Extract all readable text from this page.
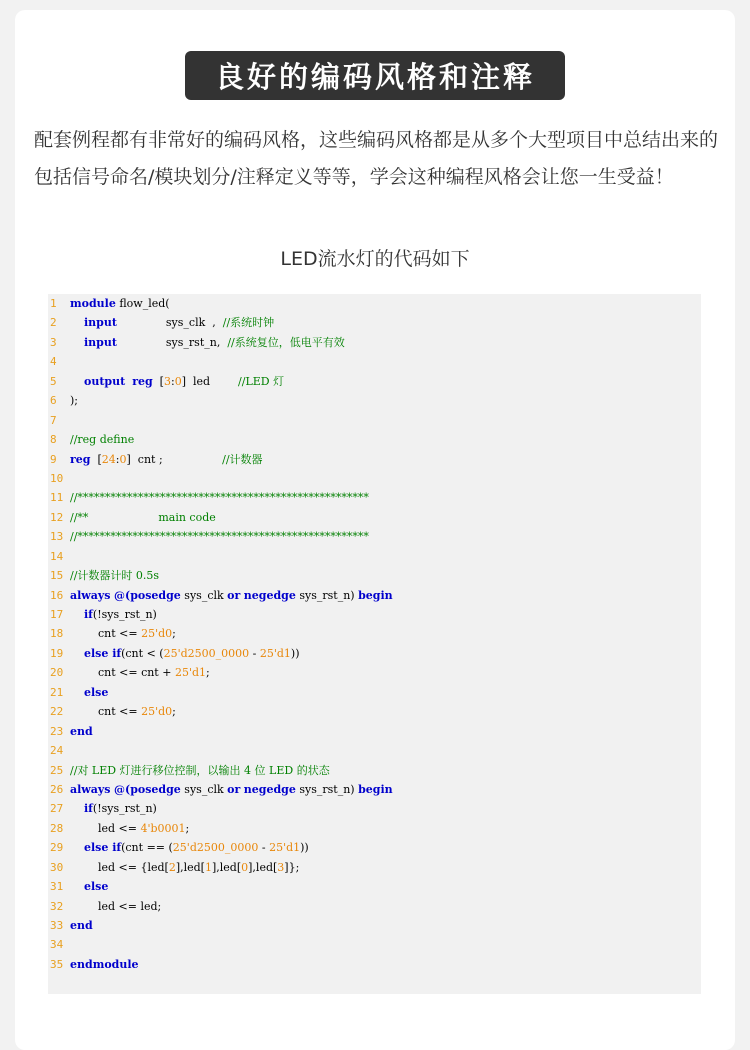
良好的编码风格和注释

配套例程都有非常好的编码风格，这些编码风格都是从多个大型项目中总结出来的

包括信号命名/模块划分/注释定义等等，学会这种编程风格会让您一生受益！

LED流水灯的代码如下
1	module flow_led(
2	input              sys_clk  ,  //系统时钟
3	input              sys_rst_n,  //系统复位，低电平有效
4
5	output reg  [3:0]  led        //LED 灯
6	);
7
8	//reg define
9	reg  [24:0]  cnt ;                 //计数器
10
11 //*****************************************************
12 //**                    main code
13 //*****************************************************
14
15 //计数器计时 0.5s
16 always @(posedge sys_clk or negedge sys_rst_n) begin
17	if(!sys_rst_n)
18 cnt <= 25'd0;
19	else if(cnt < (25'd2500_0000 - 25'd1))
20 cnt <= cnt + 25'd1;
21	else
22 cnt <= 25'd0;
23 end
24
25 //对 LED 灯进行移位控制，以输出 4 位 LED 的状态
26 always @(posedge sys_clk or negedge sys_rst_n) begin
27	if(!sys_rst_n)
28 led <= 4'b0001;
29	else if(cnt == (25'd2500_0000 - 25'd1))
30 led <= {led[2],led[1],led[0],led[3]};
31	else
32 led <= led;
33 end
34
35 endmodule
